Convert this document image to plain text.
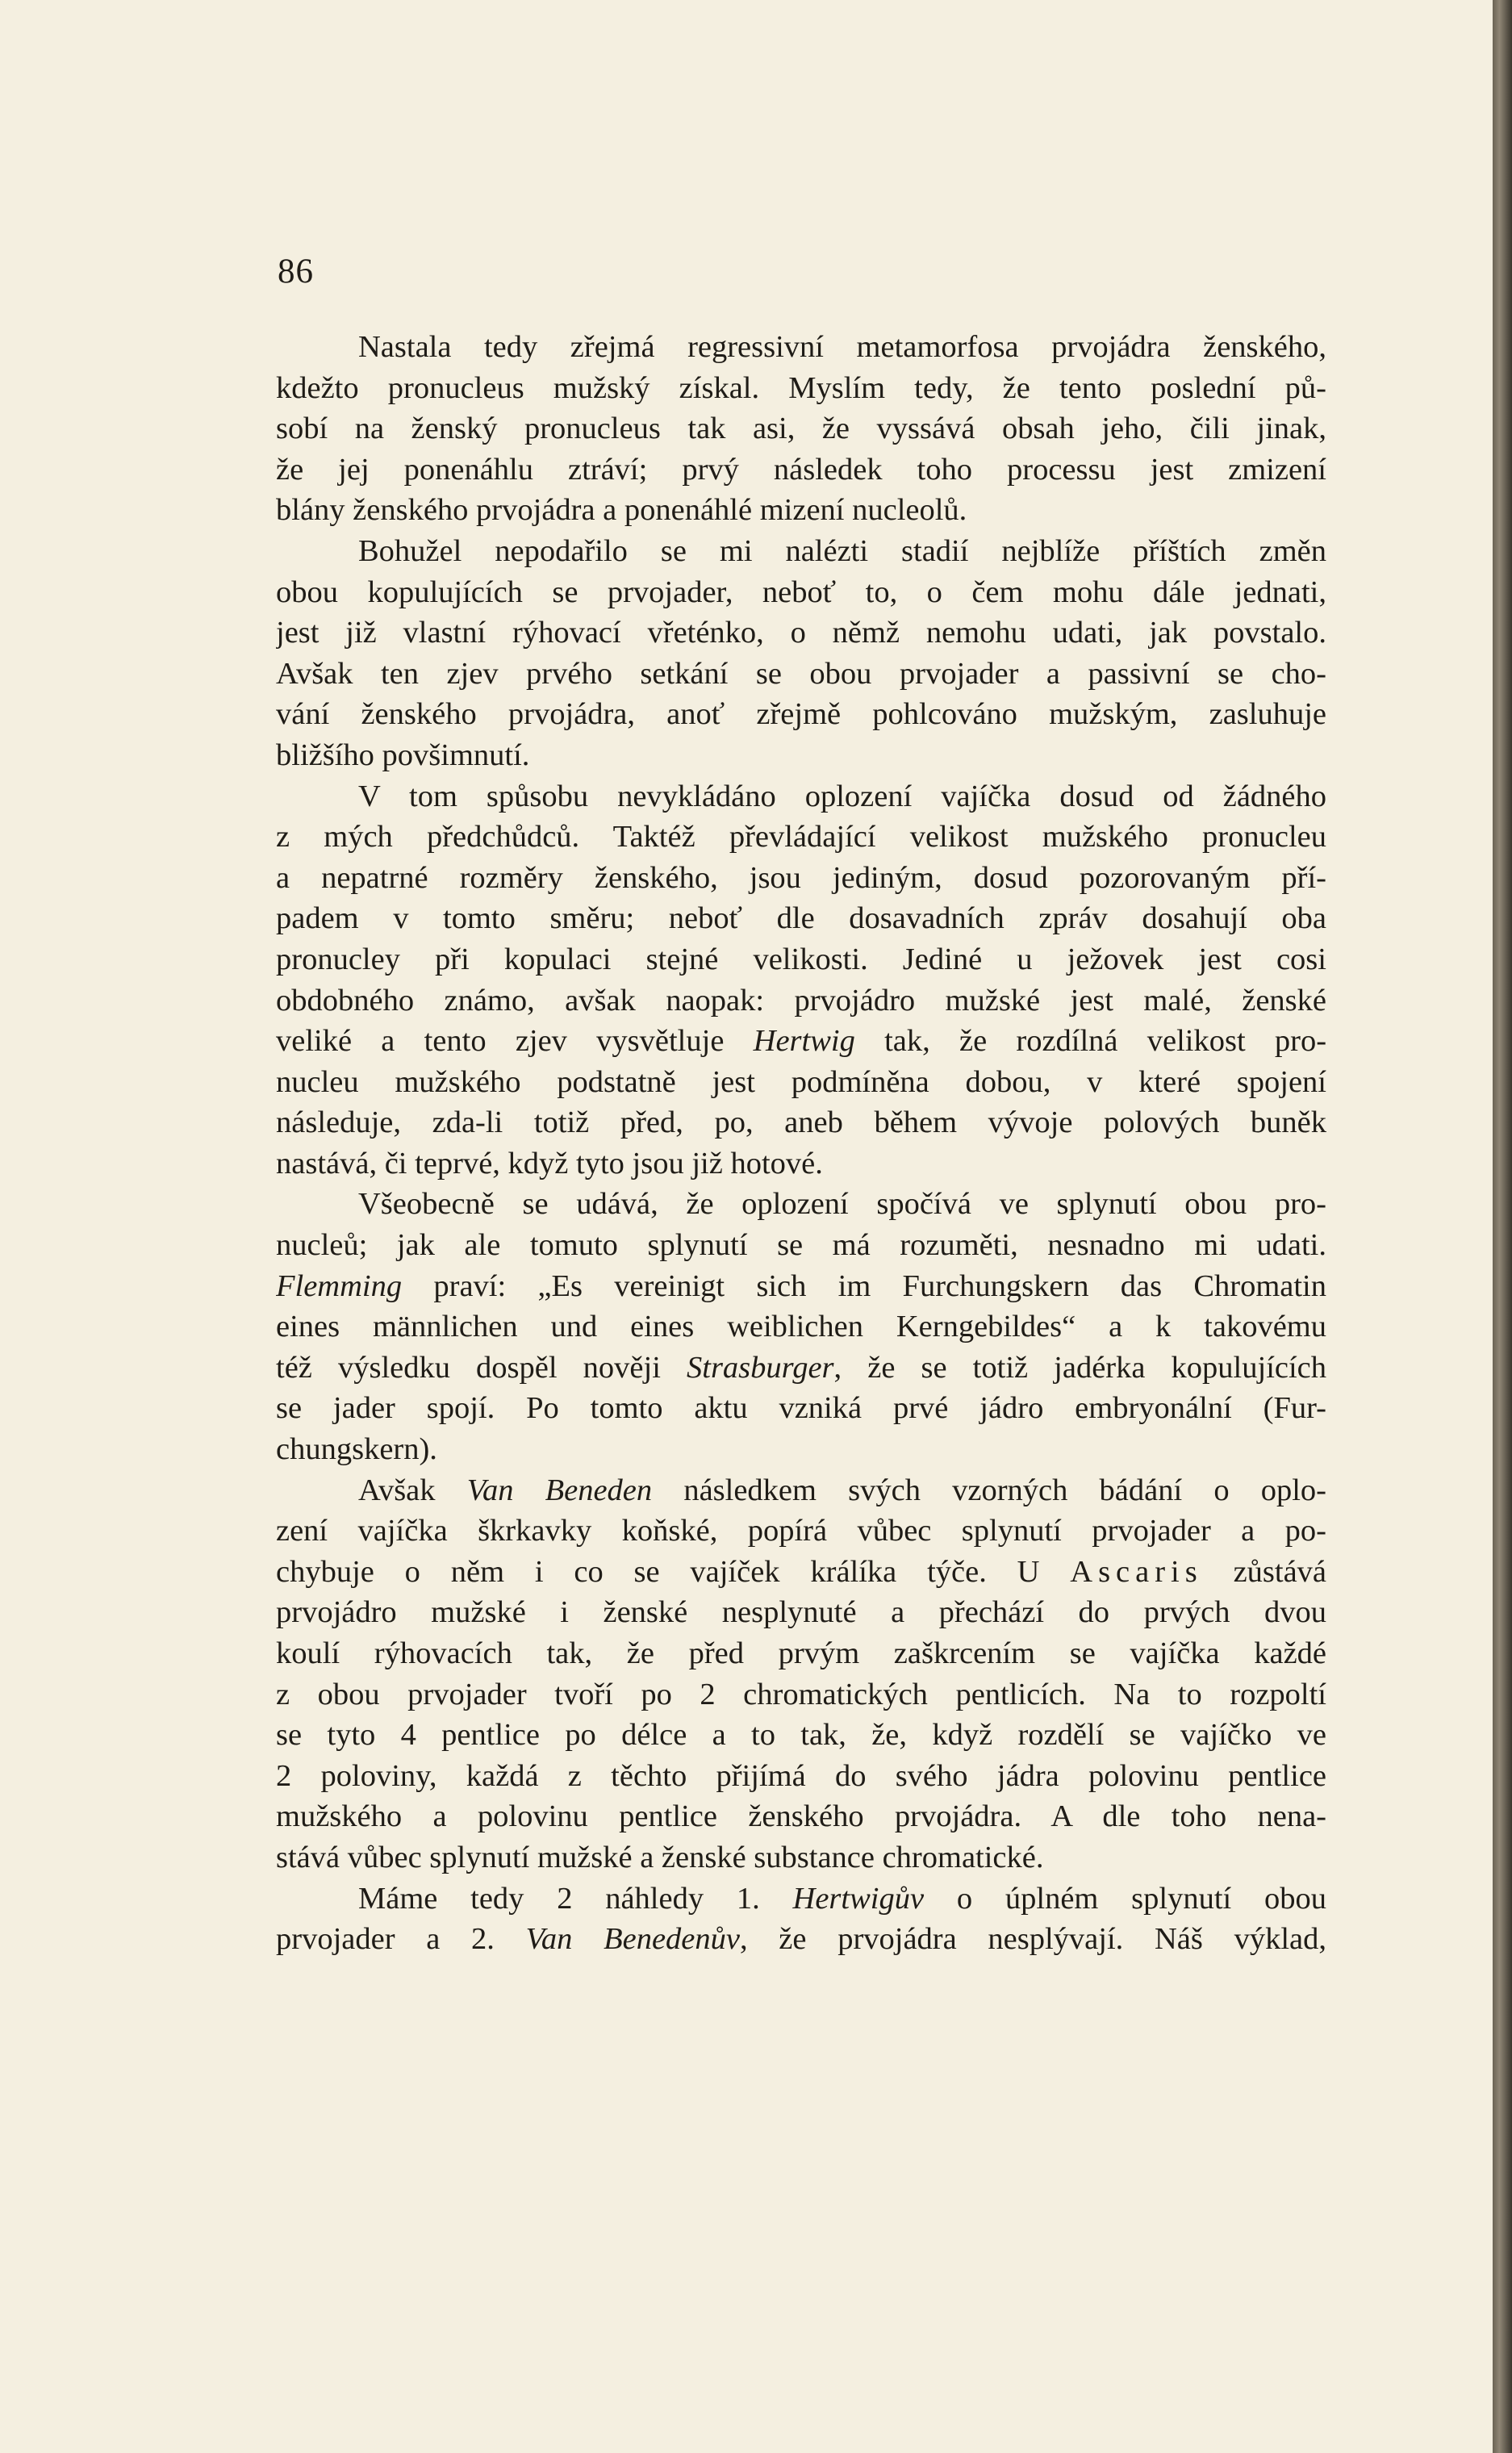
86
Nastala tedy zřejmá regressivní metamorfosa prvojádra ženského,
kdežto pronucleus mužský získal. Myslím tedy, že tento poslední pů-
sobí na ženský pronucleus tak asi, že vyssává obsah jeho, čili jinak,
že jej ponenáhlu ztráví; prvý následek toho processu jest zmizení
blány ženského prvojádra a ponenáhlé mizení nucleolů.
Bohužel nepodařilo se mi nalézti stadií nejblíže příštích změn
obou kopulujících se prvojader, neboť to, o čem mohu dále jednati,
jest již vlastní rýhovací vřeténko, o němž nemohu udati, jak povstalo.
Avšak ten zjev prvého setkání se obou prvojader a passivní se cho-
vání ženského prvojádra, anoť zřejmě pohlcováno mužským, zasluhuje
bližšího povšimnutí.
V tom spůsobu nevykládáno oplození vajíčka dosud od žádného
z mých předchůdců. Taktéž převládající velikost mužského pronucleu
a nepatrné rozměry ženského, jsou jediným, dosud pozorovaným pří-
padem v tomto směru; neboť dle dosavadních zpráv dosahují oba
pronucley při kopulaci stejné velikosti. Jediné u ježovek jest cosi
obdobného známo, avšak naopak: prvojádro mužské jest malé, ženské
veliké a tento zjev vysvětluje Hertwig tak, že rozdílná velikost pro-
nucleu mužského podstatně jest podmíněna dobou, v které spojení
následuje, zda-li totiž před, po, aneb během vývoje polových buněk
nastává, či teprvé, když tyto jsou již hotové.
Všeobecně se udává, že oplození spočívá ve splynutí obou pro-
nucleů; jak ale tomuto splynutí se má rozuměti, nesnadno mi udati.
Flemming praví: „Es vereinigt sich im Furchungskern das Chromatin
eines männlichen und eines weiblichen Kerngebildes“ a k takovému
též výsledku dospěl nověji Strasburger, že se totiž jadérka kopulujících
se jader spojí. Po tomto aktu vzniká prvé jádro embryonální (Fur-
chungskern).
Avšak Van Beneden následkem svých vzorných bádání o oplo-
zení vajíčka škrkavky koňské, popírá vůbec splynutí prvojader a po-
chybuje o něm i co se vajíček králíka týče. U Ascaris zůstává
prvojádro mužské i ženské nesplynuté a přechází do prvých dvou
koulí rýhovacích tak, že před prvým zaškrcením se vajíčka každé
z obou prvojader tvoří po 2 chromatických pentlicích. Na to rozpoltí
se tyto 4 pentlice po délce a to tak, že, když rozdělí se vajíčko ve
2 poloviny, každá z těchto přijímá do svého jádra polovinu pentlice
mužského a polovinu pentlice ženského prvojádra. A dle toho nena-
stává vůbec splynutí mužské a ženské substance chromatické.
Máme tedy 2 náhledy 1. Hertwigův o úplném splynutí obou
prvojader a 2. Van Benedenův, že prvojádra nesplývají. Náš výklad,
